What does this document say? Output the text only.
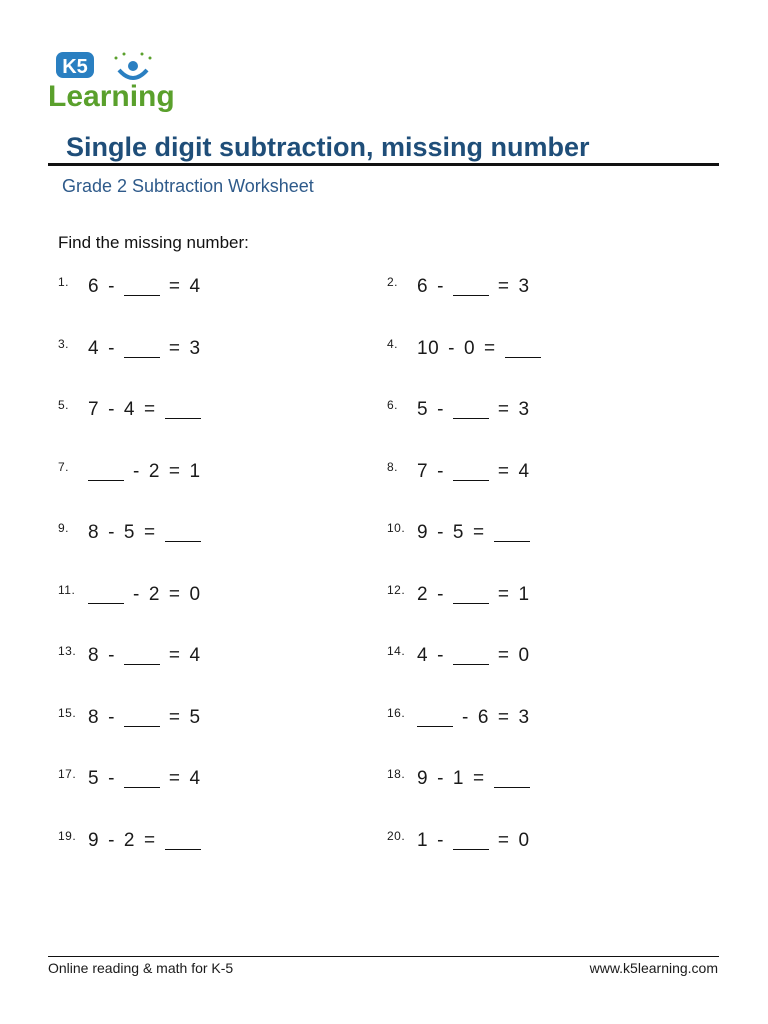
K5
Learning
Single digit subtraction, missing number
Grade 2 Subtraction Worksheet
Find the missing number:
1. 6 -	= 4	2. 6 -	= 3
3. 4 -	= 3	4. 10 - 0 =
5. 7 - 4 =	6. 5 -	= 3
7.	- 2 = 1	8. 7 -	= 4
9. 8 - 5 =	10. 9 - 5 =
11.	- 2 = 0	12. 2 -	= 1
13. 8 -	= 4	14. 4 -	= 0
15. 8 -	= 5	16.	- 6 = 3
17. 5 -	= 4	18. 9 - 1 =
19. 9 - 2 =	20. 1 -	= 0
Online reading & math for K-5	www.k5learning.com
